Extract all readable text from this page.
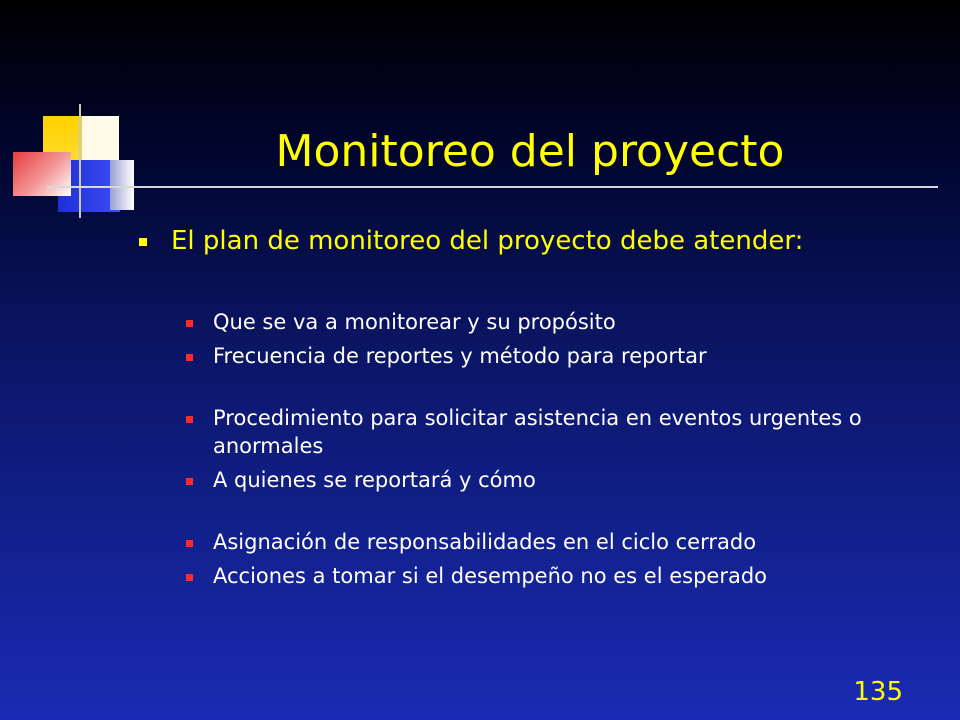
Monitoreo del proyecto
El plan de monitoreo del proyecto debe atender:
Que se va a monitorear y su propósito
Frecuencia de reportes y método para reportar
Procedimiento para solicitar asistencia en eventos urgentes o anormales
A quienes se reportará y cómo
Asignación de responsabilidades en el ciclo cerrado
Acciones a tomar si el desempeño no es el esperado
135
